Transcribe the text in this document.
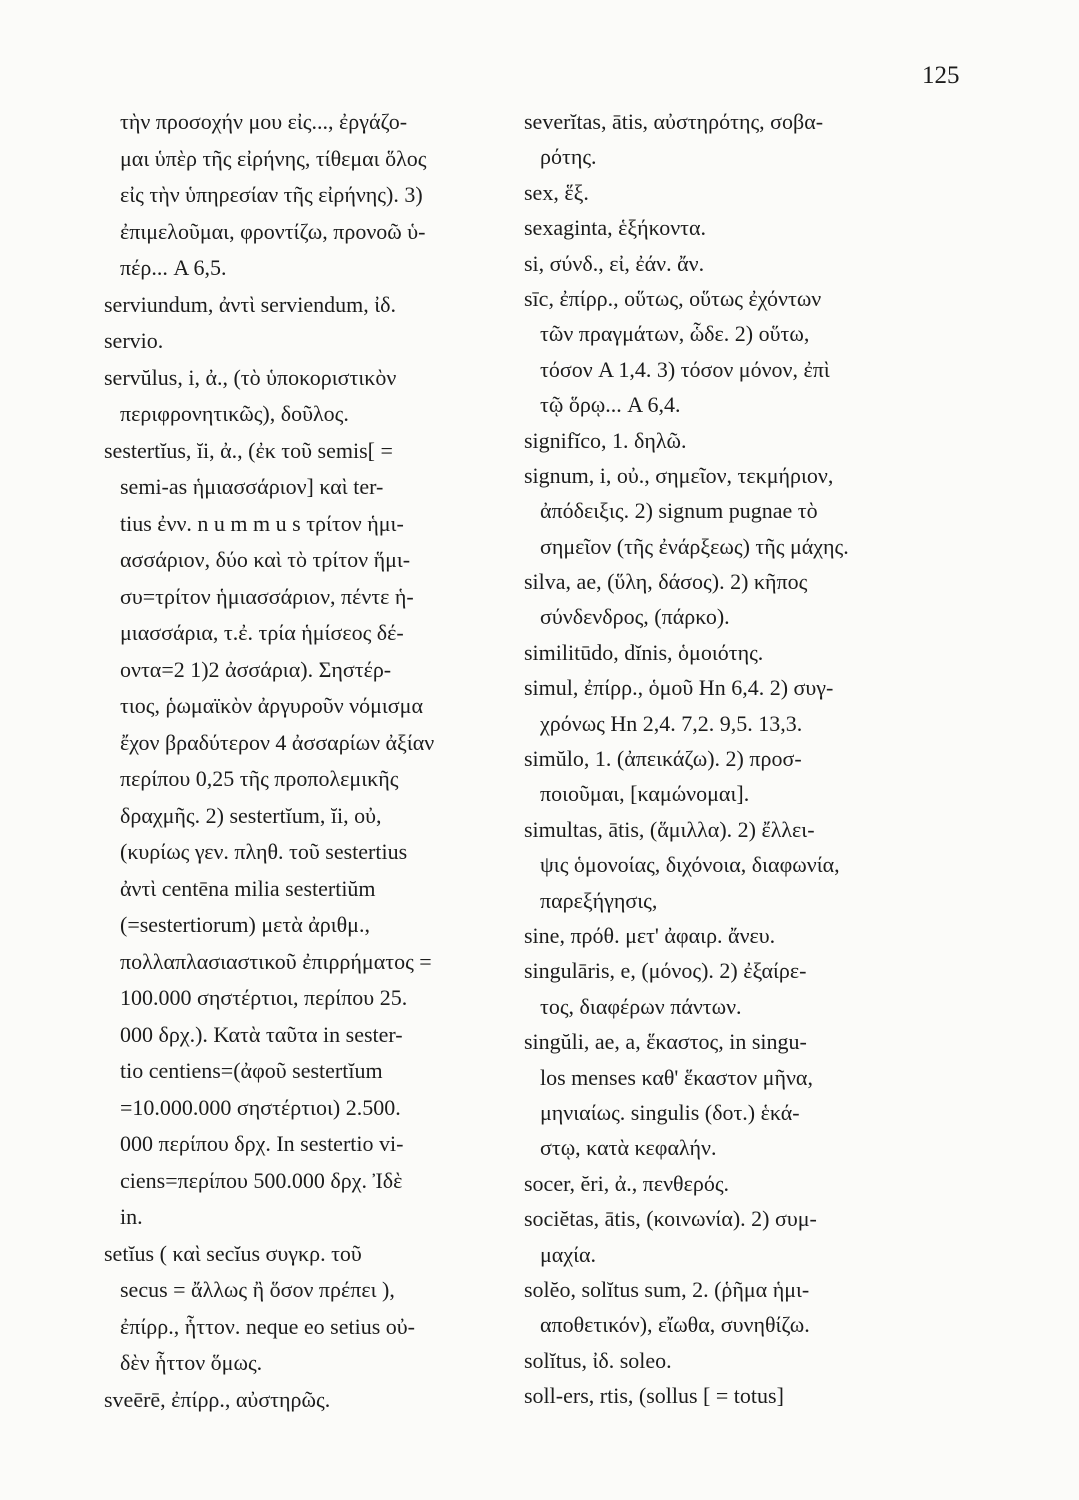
125
τὴν προσοχήν μου εἰς..., ἐργάζο-
μαι ὑπὲρ τῆς εἰρήνης, τίθεμαι ὅλος
εἰς τὴν ὑπηρεσίαν τῆς εἰρήνης). 3)
ἐπιμελοῦμαι, φροντίζω, προνοῶ ὑ-
πέρ... A 6,5.
serviundum, ἀντὶ serviendum, ἰδ.
servio.
servŭlus, i, ἀ., (τὸ ὑποκοριστικὸν
περιφρονητικῶς), δοῦλος.
sestertĭus, ĭi, ἀ., (ἐκ τοῦ semis[ =
semi-as ἡμιασσάριον] καὶ ter-
tius ἐνν. n u m m u s τρίτον ἡμι-
ασσάριον, δύο καὶ τὸ τρίτον ἥμι-
συ=τρίτον ἡμιασσάριον, πέντε ἡ-
μιασσάρια, τ.ἐ. τρία ἡμίσεος δέ-
οντα=2 1)2 ἀσσάρια). Σηστέρ-
τιος, ῥωμαϊκὸν ἀργυροῦν νόμισμα
ἔχον βραδύτερον 4 ἀσσαρίων ἀξίαν
περίπου 0,25 τῆς προπολεμικῆς
δραχμῆς. 2) sestertĭum, ĭi, οὐ,
(κυρίως γεν. πληθ. τοῦ sestertius
ἀντὶ centēna milia sestertiŭm
(=sestertiorum) μετὰ ἀριθμ.,
πολλαπλασιαστικοῦ ἐπιρρήματος =
100.000 σηστέρτιοι, περίπου 25.
000 δρχ.). Κατὰ ταῦτα in sester-
tio centiens=(ἀφοῦ sestertĭum
=10.000.000 σηστέρτιοι) 2.500.
000 περίπου δρχ. In sestertio vi-
ciens=περίπου 500.000 δρχ. Ἰδὲ
in.
setĭus ( καὶ secĭus συγκρ. τοῦ
secus = ἄλλως ἢ ὅσον πρέπει ),
ἐπίρρ., ἧττον. neque eo setius οὐ-
δὲν ἧττον ὅμως.
sveērē, ἐπίρρ., αὐστηρῶς.
severĭtas, ātis, αὐστηρότης, σοβα-
ρότης.
sex, ἕξ.
sexaginta, ἑξήκοντα.
si, σύνδ., εἰ, ἐάν. ἄν.
sīc, ἐπίρρ., οὕτως, οὕτως ἐχόντων
τῶν πραγμάτων, ὧδε. 2) οὕτω,
τόσον A 1,4. 3) τόσον μόνον, ἐπὶ
τῷ ὅρῳ... A 6,4.
signifĭco, 1. δηλῶ.
signum, i, οὐ., σημεῖον, τεκμήριον,
ἀπόδειξις. 2) signum pugnae τὸ
σημεῖον (τῆς ἐνάρξεως) τῆς μάχης.
silva, ae, (ὕλη, δάσος). 2) κῆπος
σύνδενδρος, (πάρκο).
similitūdo, dĭnis, ὁμοιότης.
simul, ἐπίρρ., ὁμοῦ Hn 6,4. 2) συγ-
χρόνως Hn 2,4. 7,2. 9,5. 13,3.
simŭlo, 1. (ἀπεικάζω). 2) προσ-
ποιοῦμαι, [καμώνομαι].
simultas, ātis, (ἅμιλλα). 2) ἔλλει-
ψις ὁμονοίας, διχόνοια, διαφωνία,
παρεξήγησις,
sine, πρόθ. μετ' ἀφαιρ. ἄνευ.
singulāris, e, (μόνος). 2) ἐξαίρε-
τος, διαφέρων πάντων.
singŭli, ae, a, ἕκαστος, in singu-
los menses καθ' ἕκαστον μῆνα,
μηνιαίως. singulis (δοτ.) ἑκά-
στῳ, κατὰ κεφαλήν.
socer, ĕri, ἀ., πενθερός.
sociĕtas, ātis, (κοινωνία). 2) συμ-
μαχία.
solĕo, solĭtus sum, 2. (ῥῆμα ἡμι-
αποθετικόν), εἴωθα, συνηθίζω.
solĭtus, ἰδ. soleo.
soll-ers, rtis, (sollus [ = totus]
